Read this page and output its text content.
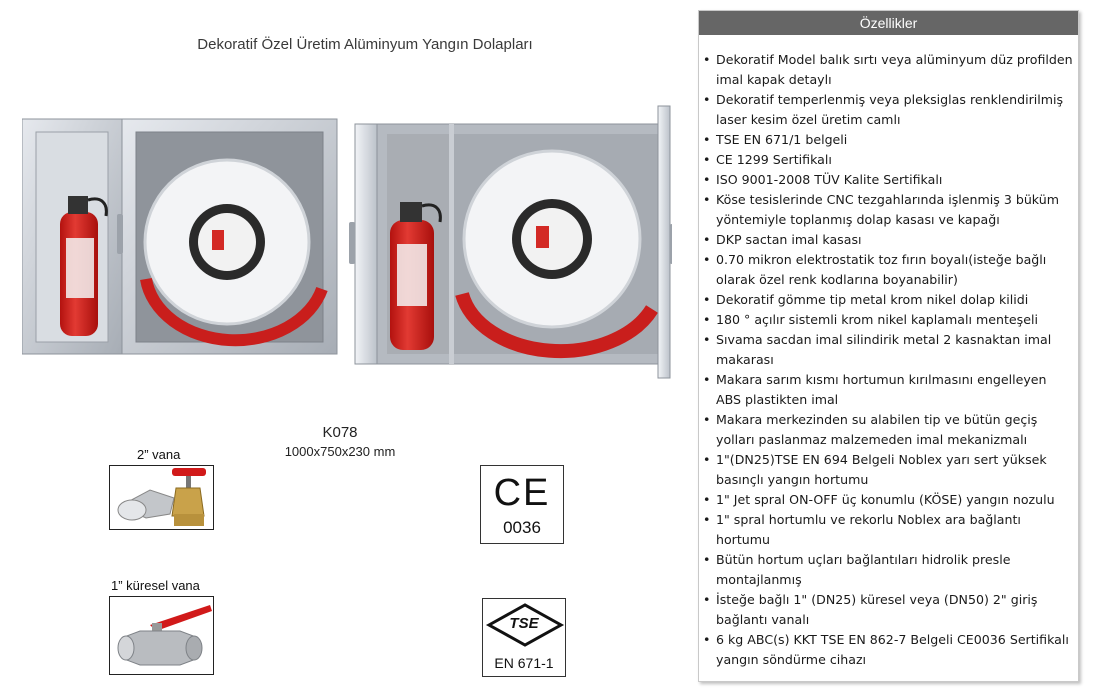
Dekoratif Özel Üretim Alüminyum Yangın Dolapları
K078
1000x750x230 mm
2” vana
1” küresel vana
CE
0036
TSE
EN 671-1
Özellikler
• Dekoratif Model balık sırtı veya alüminyum düz profilden imal kapak detaylı
• Dekoratif temperlenmiş veya pleksiglas renklendirilmiş laser kesim özel üretim camlı
• TSE EN 671/1 belgeli
• CE 1299 Sertifikalı
• ISO 9001-2008 TÜV Kalite Sertifikalı
• Köse tesislerinde CNC tezgahlarında işlenmiş 3 büküm yöntemiyle toplanmış dolap kasası ve kapağı
• DKP sactan imal kasası
• 0.70 mikron elektrostatik toz fırın boyalı(isteğe bağlı olarak özel renk kodlarına boyanabilir)
• Dekoratif gömme tip metal krom nikel dolap kilidi
• 180 ° açılır sistemli krom nikel kaplamalı menteşeli
• Sıvama sacdan imal silindirik metal 2 kasnaktan imal makarası
• Makara sarım kısmı hortumun kırılmasını engelleyen ABS plastikten imal
• Makara merkezinden su alabilen tip ve bütün geçiş yolları paslanmaz malzemeden imal mekanizmalı
• 1"(DN25)TSE EN 694 Belgeli Noblex yarı sert yüksek basınçlı yangın hortumu
• 1" Jet spral ON-OFF üç konumlu (KÖSE) yangın nozulu
• 1" spral hortumlu ve rekorlu Noblex ara bağlantı hortumu
• Bütün hortum uçları bağlantıları hidrolik presle montajlanmış
• İsteğe bağlı 1" (DN25) küresel veya (DN50) 2" giriş bağlantı vanalı
• 6 kg ABC(s) KKT TSE EN 862-7 Belgeli CE0036 Sertifikalı yangın söndürme cihazı
